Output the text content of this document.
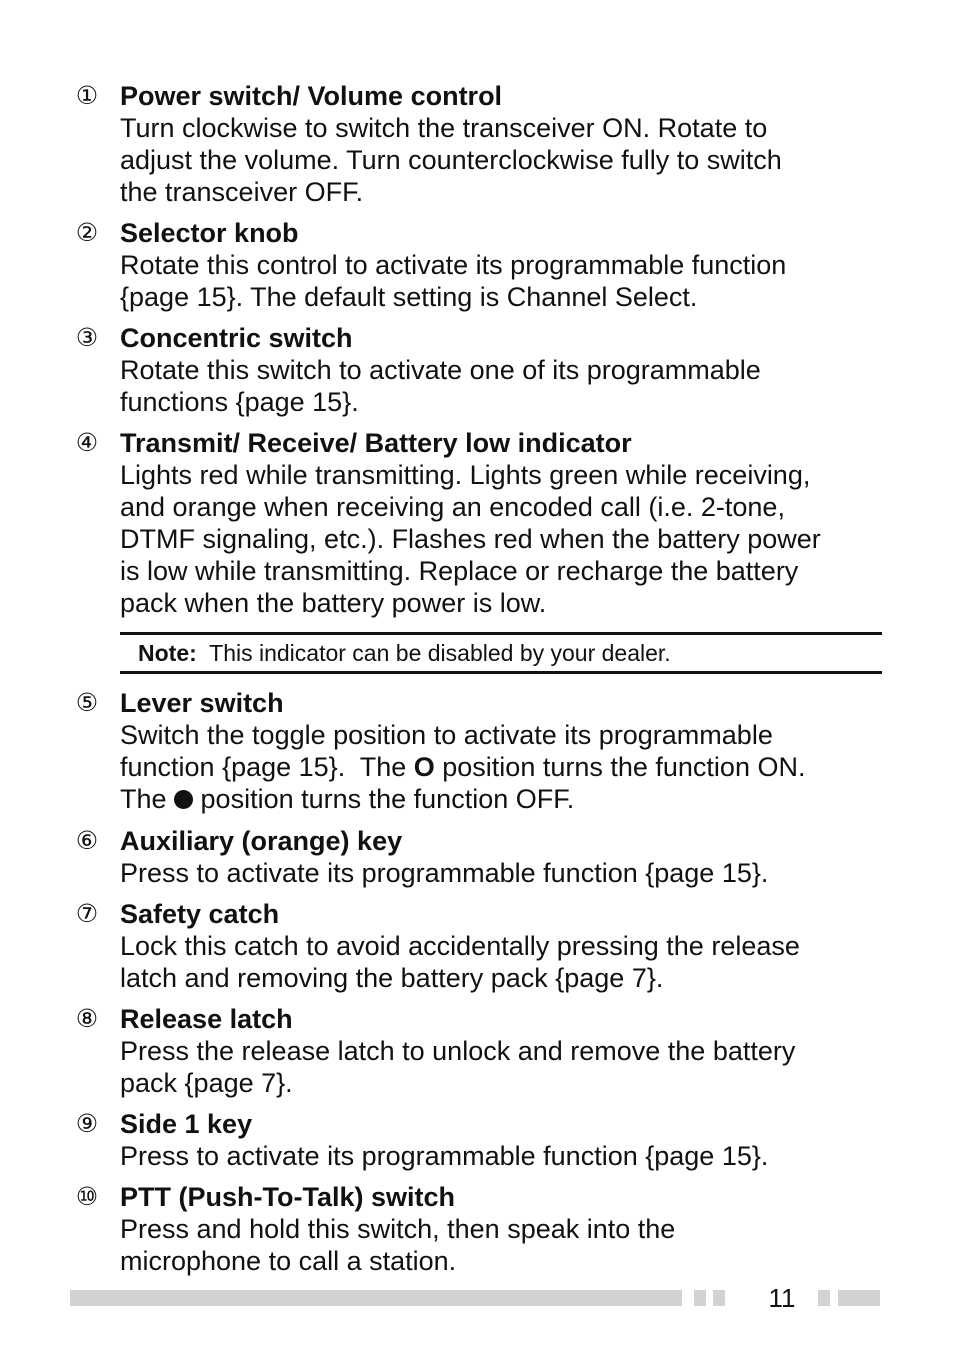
① Power switch/ Volume control
Turn clockwise to switch the transceiver ON. Rotate to
adjust the volume. Turn counterclockwise fully to switch
the transceiver OFF.
② Selector knob
Rotate this control to activate its programmable function
{page 15}. The default setting is Channel Select.
③ Concentric switch
Rotate this switch to activate one of its programmable
functions {page 15}.
④ Transmit/ Receive/ Battery low indicator
Lights red while transmitting. Lights green while receiving,
and orange when receiving an encoded call (i.e. 2-tone,
DTMF signaling, etc.). Flashes red when the battery power
is low while transmitting. Replace or recharge the battery
pack when the battery power is low.
Note:  This indicator can be disabled by your dealer.
⑤ Lever switch
Switch the toggle position to activate its programmable
function {page 15}.  The O position turns the function ON.
The  position turns the function OFF.
⑥ Auxiliary (orange) key
Press to activate its programmable function {page 15}.
⑦ Safety catch
Lock this catch to avoid accidentally pressing the release
latch and removing the battery pack {page 7}.
⑧ Release latch
Press the release latch to unlock and remove the battery
pack {page 7}.
⑨ Side 1 key
Press to activate its programmable function {page 15}.
⑩ PTT (Push-To-Talk) switch
Press and hold this switch, then speak into the
microphone to call a station.
11
